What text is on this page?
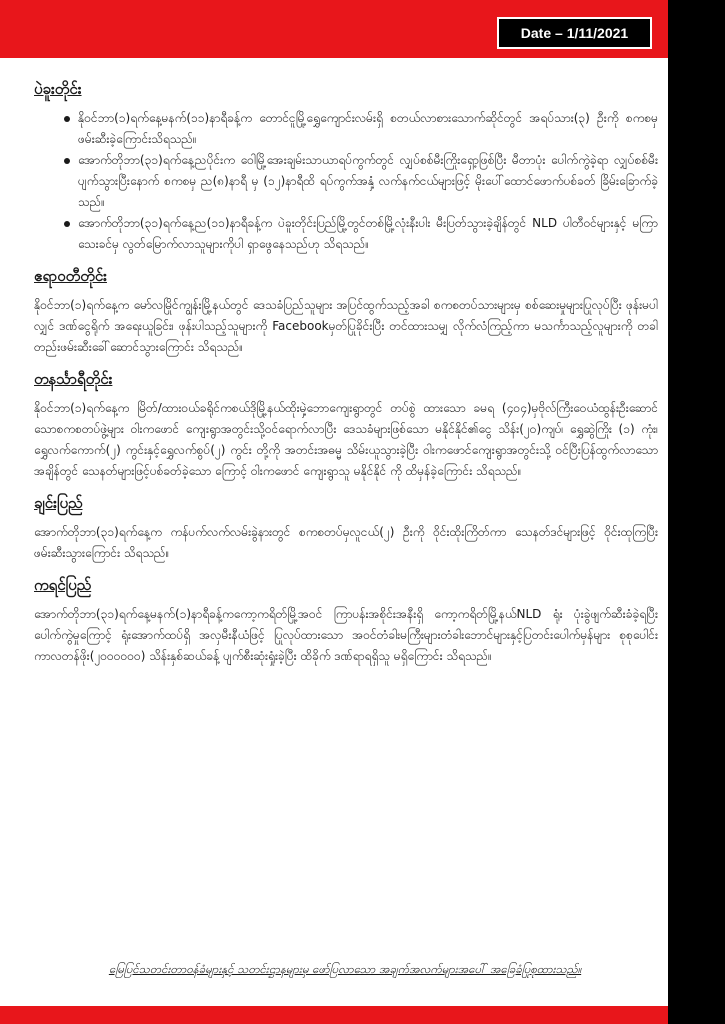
Date – 1/11/2021
ပဲခူးတိုင်း
နိုဝင်ဘာ(၁)ရက်နေ့မနက်(၁၁)နာရီခန့်က တောင်ငူမြို့ရွှေကျောင်းလမ်းရှိ စတယ်လာစားသောက်ဆိုင်တွင် အရပ်သား(၃) ဦးကို စကစမှ ဖမ်းဆီးခဲ့ကြောင်းသိရသည်။
အောက်တိုဘာ(၃၁)ရက်နေ့ညပိုင်းက ဝေါမြို့အေးချမ်းသာယာရပ်ကွက်တွင် လျှပ်စစ်မီးကြိုးရှော့ဖြစ်ပြီး မီတာပုံး ပေါက်ကွဲခဲ့ရာ လျှပ်စစ်မီးပျက်သွားပြီးနောက် စကစမှ ည(၈)နာရီ မှ (၁၂)နာရီထိ ရပ်ကွက်အနှံ့ လက်နက်ငယ်များဖြင့် မိုးပေါ်ထောင်ဖောက်ပစ်ခတ် ခြိမ်းခြောက်ခဲ့သည်။
အောက်တိုဘာ(၃၁)ရက်နေ့ည(၁၁)နာရီခန့်က ပဲခူးတိုင်းပြည်မြို့တွင်တစ်မြို့လုံးနီးပါး မီးပြတ်သွားခဲ့ချိန်တွင် NLD ပါတီဝင်များနှင့် မကြာသေးခင်မှ လွတ်မြောက်လာသူများကိုပါ ရှာဖွေနေသည်ဟု သိရသည်။
ဧရာဝတီတိုင်း

နိုဝင်ဘာ(၁)ရက်နေ့က မော်လမြိုင်ကျွန်းမြို့နယ်တွင် ဒေသခံပြည်သူများ အပြင်ထွက်သည့်အခါ စကစတပ်သားများမှ စစ်ဆေးမှုများပြုလုပ်ပြီး ဖုန်းမပါလျှင် ဒဏ်ငွေရိုက် အရေးယူခြင်း၊ ဖုန်းပါသည့်သူများကို Facebookမှတ်ပြုခိုင်းပြီး တင်ထားသမျှ လိုက်လံကြည့်ကာ မသင်္ကာသည့်လူများကို တခါတည်းဖမ်းဆီးခေါ်ဆောင်သွားကြောင်း သိရသည်။

တနင်္သာရီတိုင်း

နိုဝင်ဘာ(၁)ရက်နေ့က မြိတ်/ထားဝယ်ခရိုင်ကစယ်ဒိုမြို့နယ်ထိုးမှဲ့ဘောကျေးရွာတွင် တပ်စွဲ ထားသော ခမရ (၄၀၄)မှဗိုလ်ကြီးဝေယံထွန်းဦးဆောင်သောစကစတပ်ဖွဲ့များ ဝါးကဖောင် ကျေးရွာအတွင်းသို့ဝင်ရောက်လာပြီး ဒေသခံများဖြစ်သော မနိုင်နိုင်၏ငွေ သိန်း(၂၀)ကျပ်၊ ရွှေဆွဲကြိုး (၁) ကုံး၊ ရွှေလက်ကောက်(၂) ကွင်းနှင့်ရွှေလက်စွပ်(၂) ကွင်း တို့ကို အတင်းအဓမ္မ သိမ်းယူသွားခဲ့ပြီး ဝါးကဖောင်ကျေးရွာအတွင်းသို့ ဝင်ပြီးပြန်ထွက်လာသောအချိန်တွင် သေနတ်များဖြင့်ပစ်ခတ်ခဲ့သော ကြောင့် ဝါးကဖောင် ကျေးရွာသူ မနိုင်နိုင် ကို ထိမှန်ခဲ့ကြောင်း သိရသည်။

ချင်းပြည်

အောက်တိုဘာ(၃၁)ရက်နေ့က ကန်ပက်လက်လမ်းခွဲနားတွင် စကစတပ်မှလူငယ်(၂) ဦးကို ဝိုင်းထိုးကြိတ်ကာ သေနတ်ဒင်များဖြင့် ဝိုင်းထုကြပြီး ဖမ်းဆီးသွားကြောင်း သိရသည်။

ကရင်ပြည်

အောက်တိုဘာ(၃၁)ရက်နေ့မနက်(၁)နာရီခန့်ကကော့ကရိတ်မြို့အဝင် ကြာပန်းအစိုင်းအနီးရှိ ကော့ကရိတ်မြို့နယ်NLD ရုံး ပုံးခွဲဖျက်ဆီးခံခဲ့ရပြီး ပေါက်ကွဲမှုကြောင့် ရုံးအောက်ထပ်ရှိ အလှမီးနီယံဖြင့် ပြုလုပ်ထားသော အဝင်တံခါးမကြီးများတံခါးဘောင်များနှင့်ပြတင်းပေါက်မှန်များ စုစုပေါင်း ကာလတန်ဖိုး(၂၀၀၀၀၀၀) သိန်းနှစ်ဆယ်ခန့် ပျက်စီးဆုံးရှုံးခဲ့ပြီး ထိခိုက် ဒဏ်ရာရရှိသူ မရှိကြောင်း သိရသည်။

မြေပြင်သတင်းတာဝန်ခံများနှင့် သတင်းဌာနများမှ ဖော်ပြလာသော အချက်အလက်များအပေါ် အခြေခံပြုစုထားသည်။
